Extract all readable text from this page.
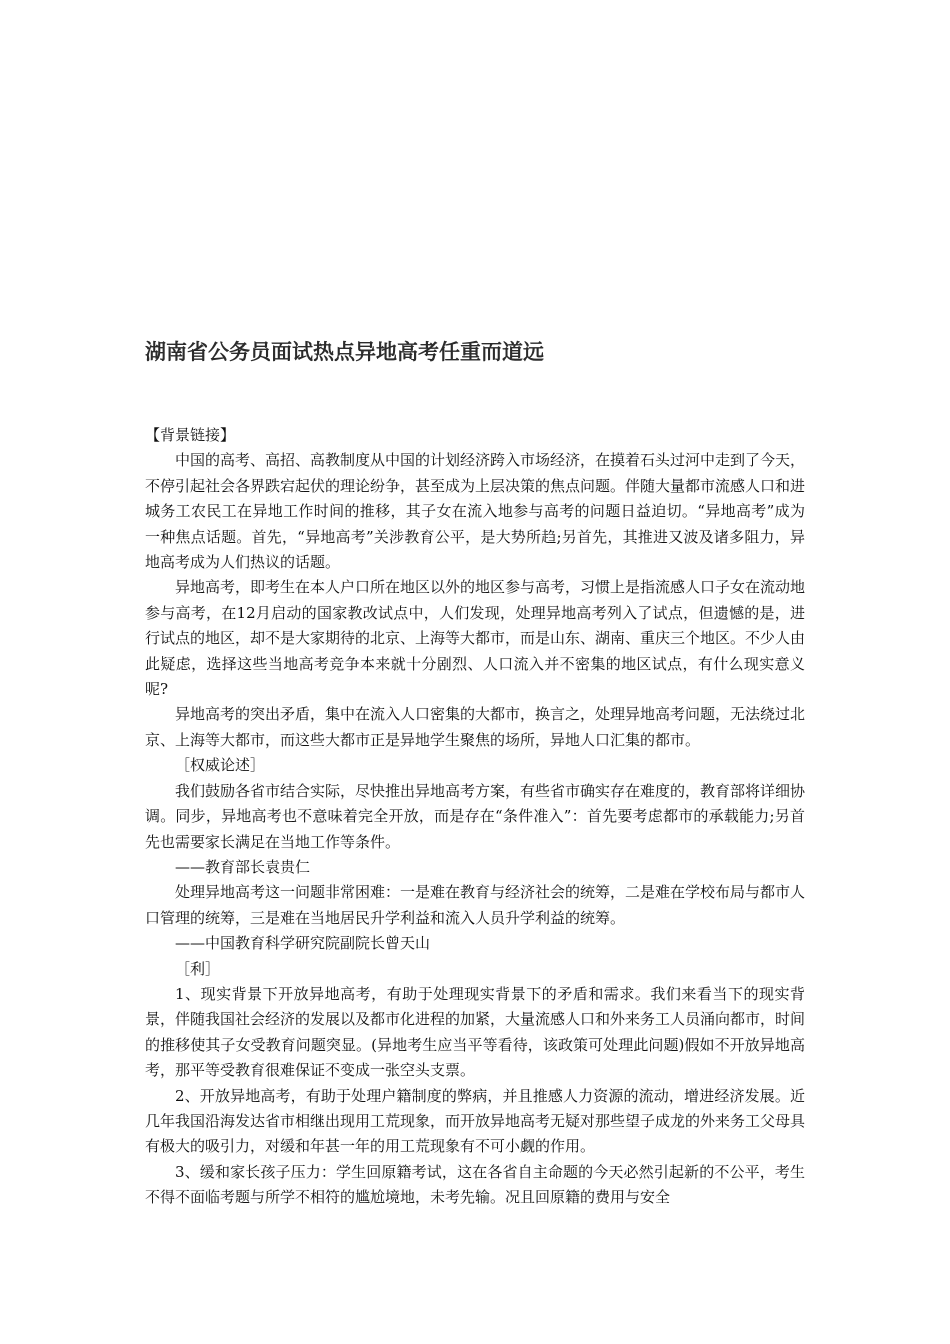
湖南省公务员面试热点异地高考任重而道远

【背景链接】

中国的高考、高招、高教制度从中国的计划经济跨入市场经济，在摸着石头过河中走到了今天，不停引起社会各界跌宕起伏的理论纷争，甚至成为上层决策的焦点问题。伴随大量都市流感人口和进城务工农民工在异地工作时间的推移，其子女在流入地参与高考的问题日益迫切。“异地高考”成为一种焦点话题。首先，“异地高考”关涉教育公平，是大势所趋;另首先，其推进又波及诸多阻力，异地高考成为人们热议的话题。

异地高考，即考生在本人户口所在地区以外的地区参与高考，习惯上是指流感人口子女在流动地参与高考，在12月启动的国家教改试点中，人们发现，处理异地高考列入了试点，但遗憾的是，进行试点的地区，却不是大家期待的北京、上海等大都市，而是山东、湖南、重庆三个地区。不少人由此疑虑，选择这些当地高考竞争本来就十分剧烈、人口流入并不密集的地区试点，有什么现实意义呢?

异地高考的突出矛盾，集中在流入人口密集的大都市，换言之，处理异地高考问题，无法绕过北京、上海等大都市，而这些大都市正是异地学生聚焦的场所，异地人口汇集的都市。

［权威论述］

我们鼓励各省市结合实际，尽快推出异地高考方案，有些省市确实存在难度的，教育部将详细协调。同步，异地高考也不意味着完全开放，而是存在“条件准入”：首先要考虑都市的承载能力;另首先也需要家长满足在当地工作等条件。

——教育部长袁贵仁

处理异地高考这一问题非常困难：一是难在教育与经济社会的统筹，二是难在学校布局与都市人口管理的统筹，三是难在当地居民升学利益和流入人员升学利益的统筹。

——中国教育科学研究院副院长曾天山

［利］

1、现实背景下开放异地高考，有助于处理现实背景下的矛盾和需求。我们来看当下的现实背景，伴随我国社会经济的发展以及都市化进程的加紧，大量流感人口和外来务工人员涌向都市，时间的推移使其子女受教育问题突显。(异地考生应当平等看待，该政策可处理此问题)假如不开放异地高考，那平等受教育很难保证不变成一张空头支票。

2、开放异地高考，有助于处理户籍制度的弊病，并且推感人力资源的流动，增进经济发展。近几年我国沿海发达省市相继出现用工荒现象，而开放异地高考无疑对那些望子成龙的外来务工父母具有极大的吸引力，对缓和年甚一年的用工荒现象有不可小觑的作用。

3、缓和家长孩子压力：学生回原籍考试，这在各省自主命题的今天必然引起新的不公平，考生不得不面临考题与所学不相符的尴尬境地，未考先输。况且回原籍的费用与安全
